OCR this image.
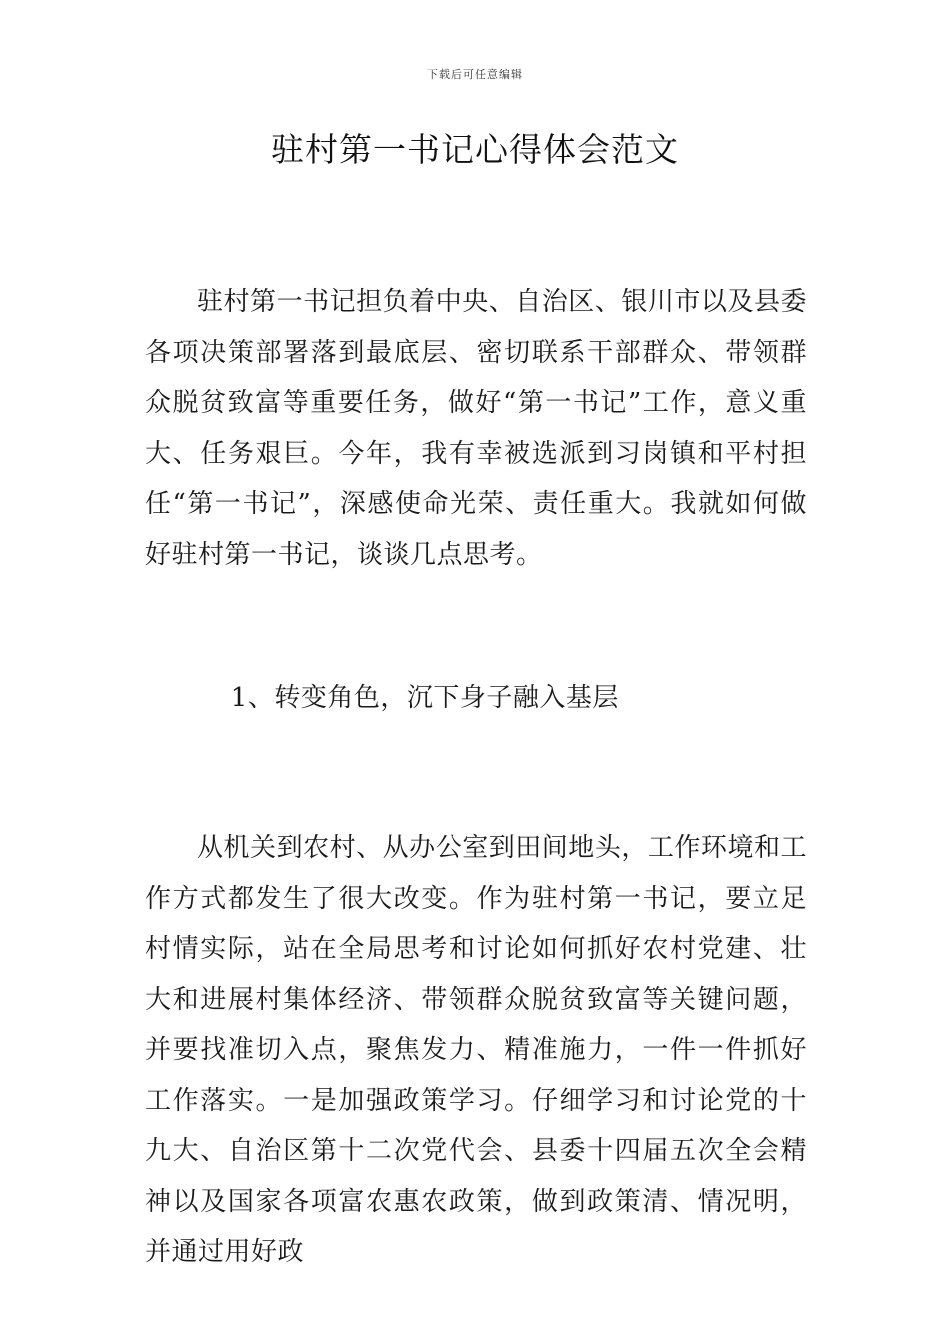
下载后可任意编辑
驻村第一书记心得体会范文

驻村第一书记担负着中央、自治区、银川市以及县委各项决策部署落到最底层、密切联系干部群众、带领群众脱贫致富等重要任务，做好“第一书记”工作，意义重大、任务艰巨。今年，我有幸被选派到习岗镇和平村担任“第一书记”，深感使命光荣、责任重大。我就如何做好驻村第一书记，谈谈几点思考。

1、转变角色，沉下身子融入基层

从机关到农村、从办公室到田间地头，工作环境和工作方式都发生了很大改变。作为驻村第一书记，要立足村情实际，站在全局思考和讨论如何抓好农村党建、壮大和进展村集体经济、带领群众脱贫致富等关键问题，并要找准切入点，聚焦发力、精准施力，一件一件抓好工作落实。一是加强政策学习。仔细学习和讨论党的十九大、自治区第十二次党代会、县委十四届五次全会精神以及国家各项富农惠农政策，做到政策清、情况明，并通过用好政
